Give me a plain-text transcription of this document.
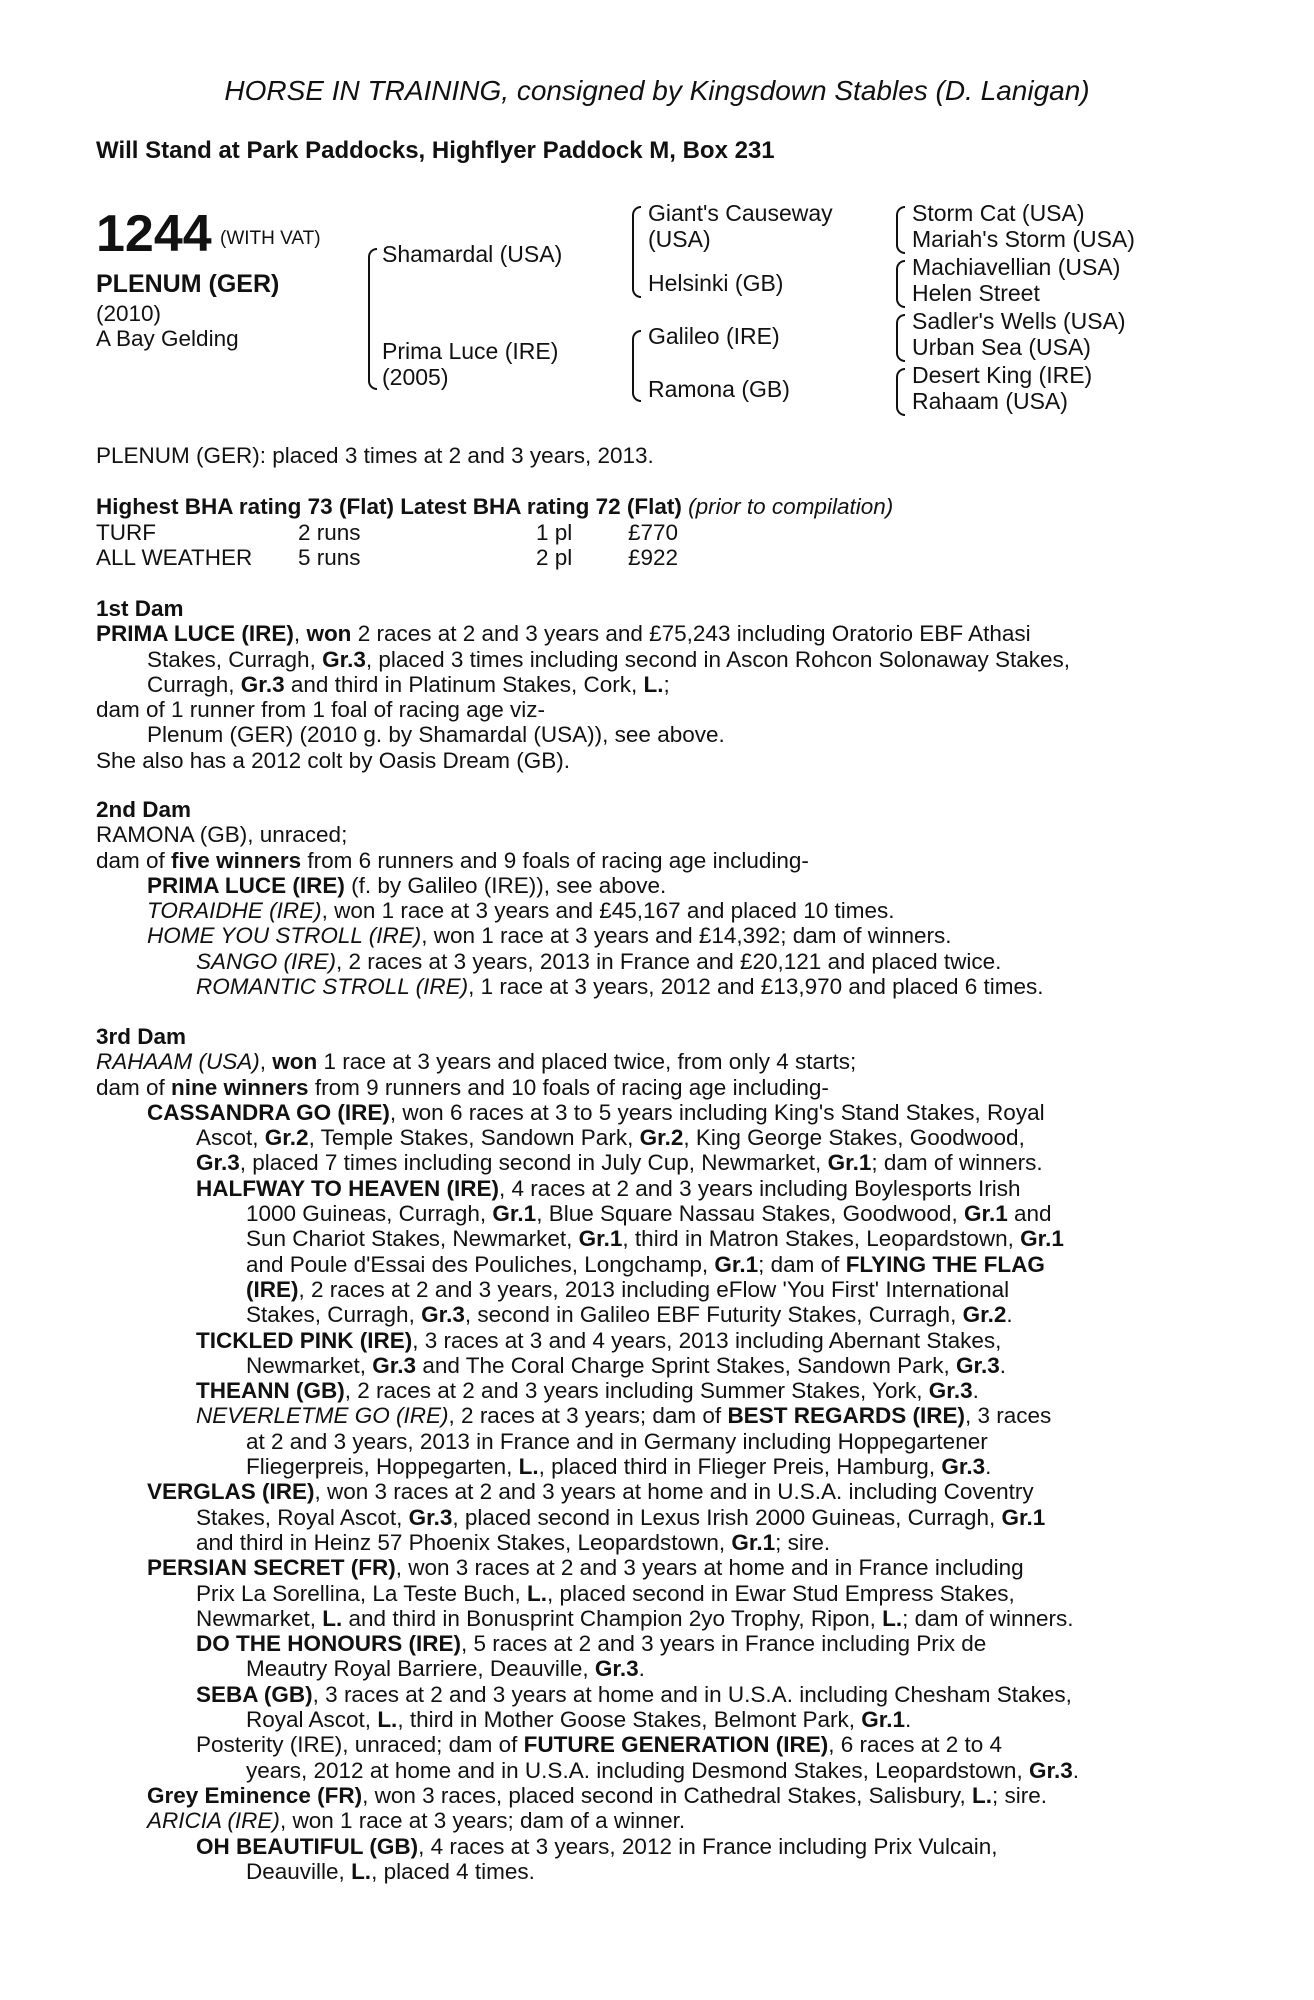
HORSE IN TRAINING, consigned by Kingsdown Stables (D. Lanigan)
Will Stand at Park Paddocks, Highflyer Paddock M, Box 231
1244 (WITH VAT)
PLENUM (GER)
(2010)
A Bay Gelding
Shamardal (USA)
Prima Luce (IRE)
(2005)
Giant's Causeway
(USA)
Helsinki (GB)
Galileo (IRE)
Ramona (GB)
Storm Cat (USA)
Mariah's Storm (USA)
Machiavellian (USA)
Helen Street
Sadler's Wells (USA)
Urban Sea (USA)
Desert King (IRE)
Rahaam (USA)
PLENUM (GER): placed 3 times at 2 and 3 years, 2013.
Highest BHA rating 73 (Flat) Latest BHA rating 72 (Flat) (prior to compilation)
TURF	2 runs	1 pl £770
ALL WEATHER 5 runs	2 pl £922
1st Dam
PRIMA LUCE (IRE), won 2 races at 2 and 3 years and £75,243 including Oratorio EBF Athasi
Stakes, Curragh, Gr.3, placed 3 times including second in Ascon Rohcon Solonaway Stakes,
Curragh, Gr.3 and third in Platinum Stakes, Cork, L.;
dam of 1 runner from 1 foal of racing age viz-
Plenum (GER) (2010 g. by Shamardal (USA)), see above.
She also has a 2012 colt by Oasis Dream (GB).
2nd Dam
RAMONA (GB), unraced;
dam of five winners from 6 runners and 9 foals of racing age including-
PRIMA LUCE (IRE) (f. by Galileo (IRE)), see above.
TORAIDHE (IRE), won 1 race at 3 years and £45,167 and placed 10 times.
HOME YOU STROLL (IRE), won 1 race at 3 years and £14,392; dam of winners.
SANGO (IRE), 2 races at 3 years, 2013 in France and £20,121 and placed twice.
ROMANTIC STROLL (IRE), 1 race at 3 years, 2012 and £13,970 and placed 6 times.
3rd Dam
RAHAAM (USA), won 1 race at 3 years and placed twice, from only 4 starts;
dam of nine winners from 9 runners and 10 foals of racing age including-
CASSANDRA GO (IRE), won 6 races at 3 to 5 years including King's Stand Stakes, Royal
Ascot, Gr.2, Temple Stakes, Sandown Park, Gr.2, King George Stakes, Goodwood,
Gr.3, placed 7 times including second in July Cup, Newmarket, Gr.1; dam of winners.
HALFWAY TO HEAVEN (IRE), 4 races at 2 and 3 years including Boylesports Irish
1000 Guineas, Curragh, Gr.1, Blue Square Nassau Stakes, Goodwood, Gr.1 and
Sun Chariot Stakes, Newmarket, Gr.1, third in Matron Stakes, Leopardstown, Gr.1
and Poule d'Essai des Pouliches, Longchamp, Gr.1; dam of FLYING THE FLAG
(IRE), 2 races at 2 and 3 years, 2013 including eFlow 'You First' International
Stakes, Curragh, Gr.3, second in Galileo EBF Futurity Stakes, Curragh, Gr.2.
TICKLED PINK (IRE), 3 races at 3 and 4 years, 2013 including Abernant Stakes,
Newmarket, Gr.3 and The Coral Charge Sprint Stakes, Sandown Park, Gr.3.
THEANN (GB), 2 races at 2 and 3 years including Summer Stakes, York, Gr.3.
NEVERLETME GO (IRE), 2 races at 3 years; dam of BEST REGARDS (IRE), 3 races
at 2 and 3 years, 2013 in France and in Germany including Hoppegartener
Fliegerpreis, Hoppegarten, L., placed third in Flieger Preis, Hamburg, Gr.3.
VERGLAS (IRE), won 3 races at 2 and 3 years at home and in U.S.A. including Coventry
Stakes, Royal Ascot, Gr.3, placed second in Lexus Irish 2000 Guineas, Curragh, Gr.1
and third in Heinz 57 Phoenix Stakes, Leopardstown, Gr.1; sire.
PERSIAN SECRET (FR), won 3 races at 2 and 3 years at home and in France including
Prix La Sorellina, La Teste Buch, L., placed second in Ewar Stud Empress Stakes,
Newmarket, L. and third in Bonusprint Champion 2yo Trophy, Ripon, L.; dam of winners.
DO THE HONOURS (IRE), 5 races at 2 and 3 years in France including Prix de
Meautry Royal Barriere, Deauville, Gr.3.
SEBA (GB), 3 races at 2 and 3 years at home and in U.S.A. including Chesham Stakes,
Royal Ascot, L., third in Mother Goose Stakes, Belmont Park, Gr.1.
Posterity (IRE), unraced; dam of FUTURE GENERATION (IRE), 6 races at 2 to 4
years, 2012 at home and in U.S.A. including Desmond Stakes, Leopardstown, Gr.3.
Grey Eminence (FR), won 3 races, placed second in Cathedral Stakes, Salisbury, L.; sire.
ARICIA (IRE), won 1 race at 3 years; dam of a winner.
OH BEAUTIFUL (GB), 4 races at 3 years, 2012 in France including Prix Vulcain,
Deauville, L., placed 4 times.
